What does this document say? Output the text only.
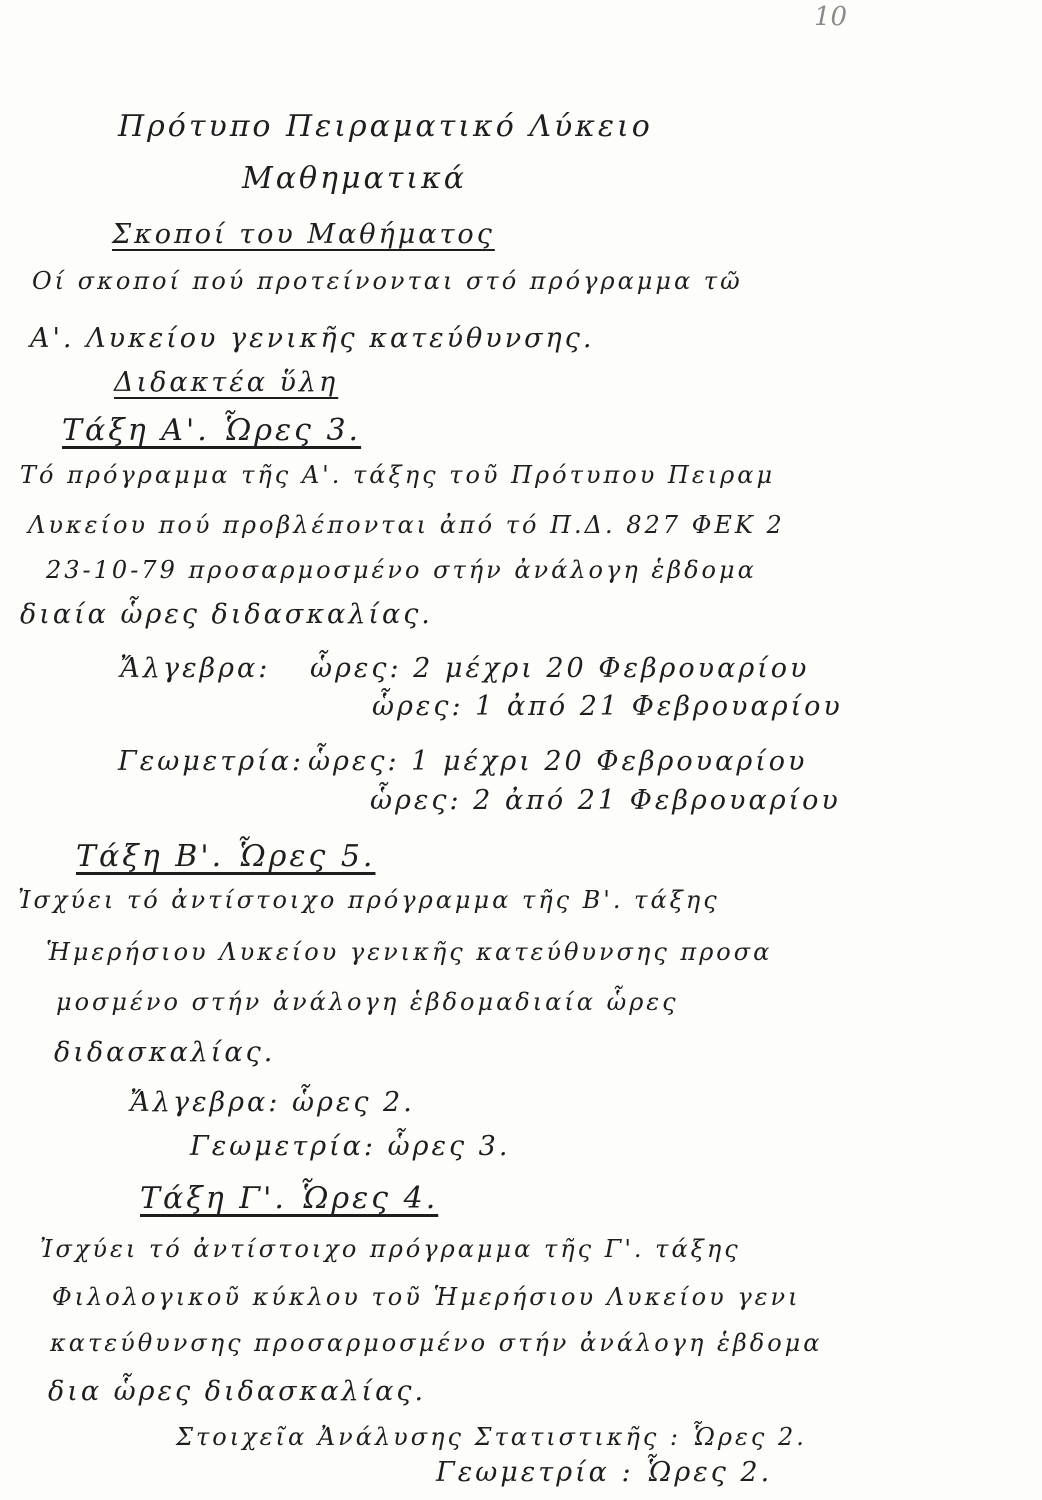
10
Πρότυπο Πειραματικό Λύκειο
Μαθηματικά
Σκοποί του Μαθήματος
Οί σκοποί πού προτείνονται στό πρόγραμμα τῶ
Α'. Λυκείου γενικῆς κατεύθυνσης.
Διδακτέα ὕλη
Τάξη Α'. Ὧρες 3.
Τό πρόγραμμα τῆς Α'. τάξης τοῦ Πρότυπου Πειραμ
Λυκείου πού προβλέπονται ἀπό τό Π.Δ. 827 ΦΕΚ 2
23-10-79 προσαρμοσμένο στήν ἀνάλογη ἑβδομα
διαία ὧρες διδασκαλίας.
Ἄλγεβρα: ὧρες: 2 μέχρι 20 Φεβρουαρίου
ὧρες: 1 ἀπό 21 Φεβρουαρίου
Γεωμετρία: ὧρες: 1 μέχρι 20 Φεβρουαρίου
ὧρες: 2 ἀπό 21 Φεβρουαρίου
Τάξη Β'. Ὧρες 5.
Ἰσχύει τό ἀντίστοιχο πρόγραμμα τῆς Β'. τάξης
Ἡμερήσιου Λυκείου γενικῆς κατεύθυνσης προσα
μοσμένο στήν ἀνάλογη ἑβδομαδιαία ὧρες
διδασκαλίας.
Ἄλγεβρα: ὧρες 2.
Γεωμετρία: ὧρες 3.
Τάξη Γ'. Ὧρες 4.
Ἰσχύει τό ἀντίστοιχο πρόγραμμα τῆς Γ'. τάξης
Φιλολογικοῦ κύκλου τοῦ Ἡμερήσιου Λυκείου γενι
κατεύθυνσης προσαρμοσμένο στήν ἀνάλογη ἑβδομα
δια ὧρες διδασκαλίας.
Στοιχεῖα Ἀνάλυσης Στατιστικῆς : Ὧρες 2.
Γεωμετρία : Ὧρες 2.
